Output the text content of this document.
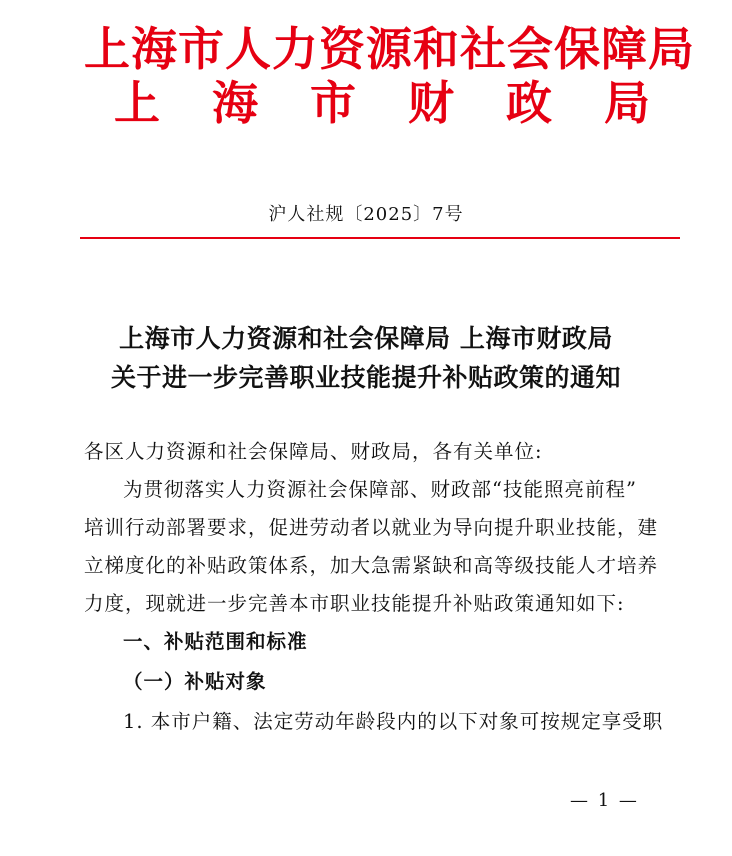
上海市人力资源和社会保障局
上 海 市 财 政 局
沪人社规〔2025〕7号
上海市人力资源和社会保障局 上海市财政局
关于进一步完善职业技能提升补贴政策的通知
各区人力资源和社会保障局、财政局，各有关单位:
为贯彻落实人力资源社会保障部、财政部“技能照亮前程”
培训行动部署要求，促进劳动者以就业为导向提升职业技能，建
立梯度化的补贴政策体系，加大急需紧缺和高等级技能人才培养
力度，现就进一步完善本市职业技能提升补贴政策通知如下:
一、补贴范围和标准
（一）补贴对象
1. 本市户籍、法定劳动年龄段内的以下对象可按规定享受职
— 1 —
